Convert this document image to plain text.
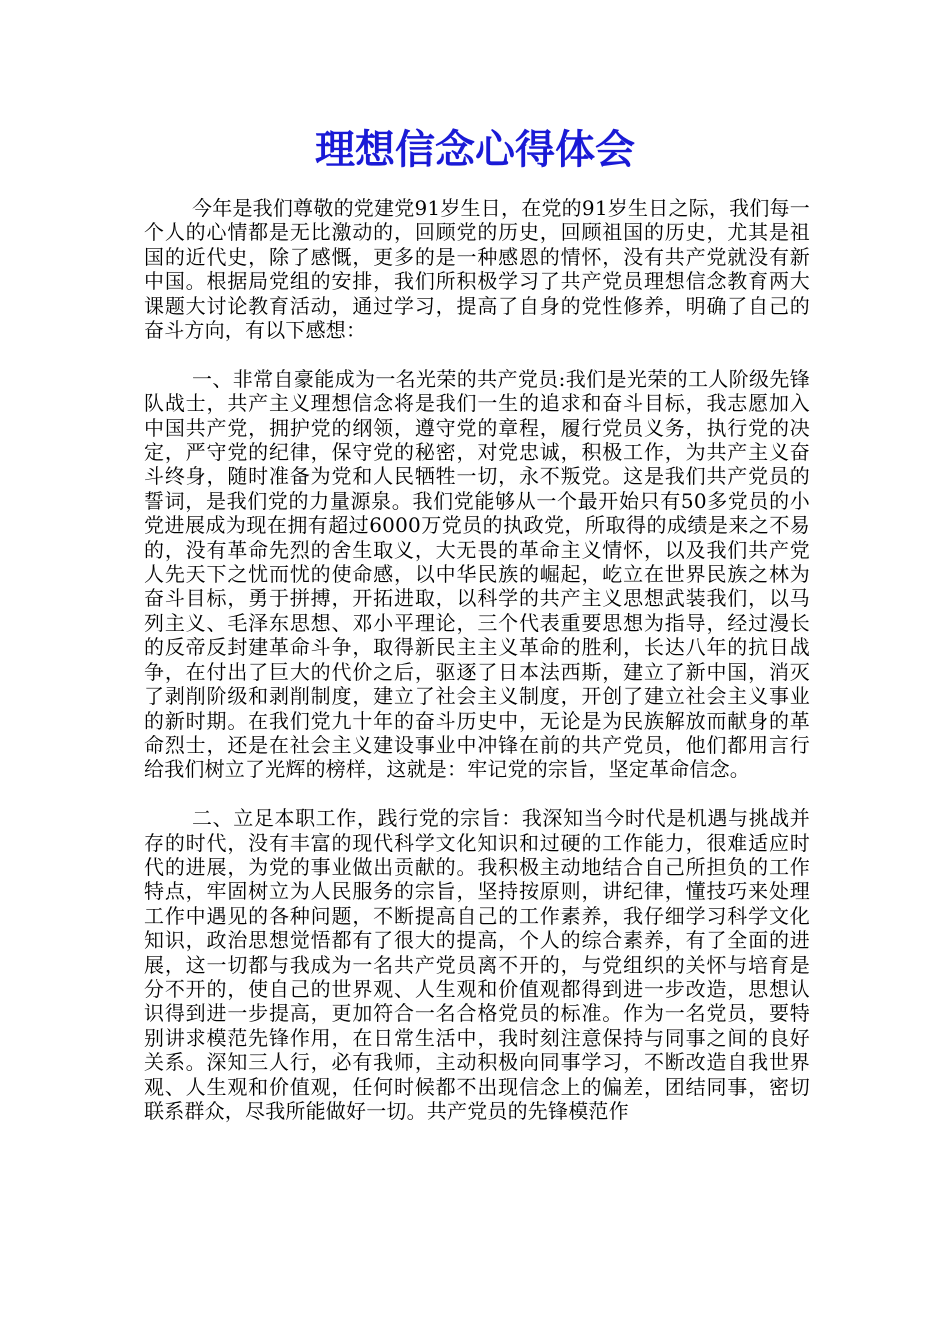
理想信念心得体会

今年是我们尊敬的党建党91岁生日，在党的91岁生日之际，我们每一个人的心情都是无比激动的，回顾党的历史，回顾祖国的历史，尤其是祖国的近代史，除了感慨，更多的是一种感恩的情怀，没有共产党就没有新中国。根据局党组的安排，我们所积极学习了共产党员理想信念教育两大课题大讨论教育活动，通过学习，提高了自身的党性修养，明确了自己的奋斗方向，有以下感想：

一、非常自豪能成为一名光荣的共产党员:我们是光荣的工人阶级先锋队战士，共产主义理想信念将是我们一生的追求和奋斗目标，我志愿加入中国共产党，拥护党的纲领，遵守党的章程，履行党员义务，执行党的决定，严守党的纪律，保守党的秘密，对党忠诚，积极工作，为共产主义奋斗终身，随时准备为党和人民牺牲一切，永不叛党。这是我们共产党员的誓词，是我们党的力量源泉。我们党能够从一个最开始只有50多党员的小党进展成为现在拥有超过6000万党员的执政党，所取得的成绩是来之不易的，没有革命先烈的舍生取义，大无畏的革命主义情怀，以及我们共产党人先天下之忧而忧的使命感，以中华民族的崛起，屹立在世界民族之林为奋斗目标，勇于拼搏，开拓进取，以科学的共产主义思想武装我们，以马列主义、毛泽东思想、邓小平理论，三个代表重要思想为指导，经过漫长的反帝反封建革命斗争，取得新民主主义革命的胜利，长达八年的抗日战争，在付出了巨大的代价之后，驱逐了日本法西斯，建立了新中国，消灭了剥削阶级和剥削制度，建立了社会主义制度，开创了建立社会主义事业的新时期。在我们党九十年的奋斗历史中，无论是为民族解放而献身的革命烈士，还是在社会主义建设事业中冲锋在前的共产党员，他们都用言行给我们树立了光辉的榜样，这就是：牢记党的宗旨，坚定革命信念。

二、立足本职工作，践行党的宗旨：我深知当今时代是机遇与挑战并存的时代，没有丰富的现代科学文化知识和过硬的工作能力，很难适应时代的进展，为党的事业做出贡献的。我积极主动地结合自己所担负的工作特点，牢固树立为人民服务的宗旨，坚持按原则，讲纪律，懂技巧来处理工作中遇见的各种问题，不断提高自己的工作素养，我仔细学习科学文化知识，政治思想觉悟都有了很大的提高，个人的综合素养，有了全面的进展，这一切都与我成为一名共产党员离不开的，与党组织的关怀与培育是分不开的，使自己的世界观、人生观和价值观都得到进一步改造，思想认识得到进一步提高，更加符合一名合格党员的标准。作为一名党员，要特别讲求模范先锋作用，在日常生活中，我时刻注意保持与同事之间的良好关系。深知三人行，必有我师，主动积极向同事学习，不断改造自我世界观、人生观和价值观，任何时候都不出现信念上的偏差，团结同事，密切联系群众，尽我所能做好一切。共产党员的先锋模范作
